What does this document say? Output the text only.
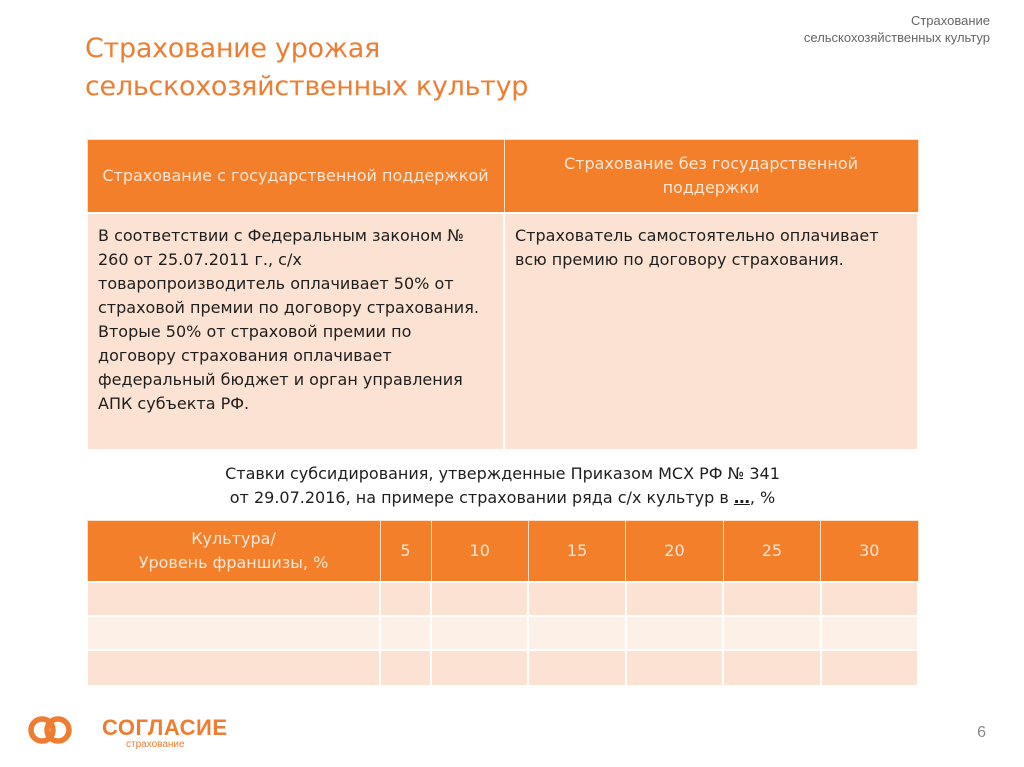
Страхование
сельскохозяйственных культур
Страхование урожая
сельскохозяйственных культур
Страхование с государственной поддержкой	Страхование без государственной поддержки
В соответствии с Федеральным законом № 260 от 25.07.2011 г., с/х товаропроизводитель оплачивает 50% от страховой премии по договору страхования.
Вторые 50% от страховой премии по договору страхования оплачивает федеральный бюджет и орган управления АПК субъекта РФ.	Страхователь самостоятельно оплачивает всю премию по договору страхования.
Ставки субсидирования, утвержденные Приказом МСХ РФ № 341
от 29.07.2016, на примере страховании ряда с/х культур в …, %
Культура/
Уровень франшизы, %	5	10	15	20	25	30

СОГЛАСИЕ
страхование
6
